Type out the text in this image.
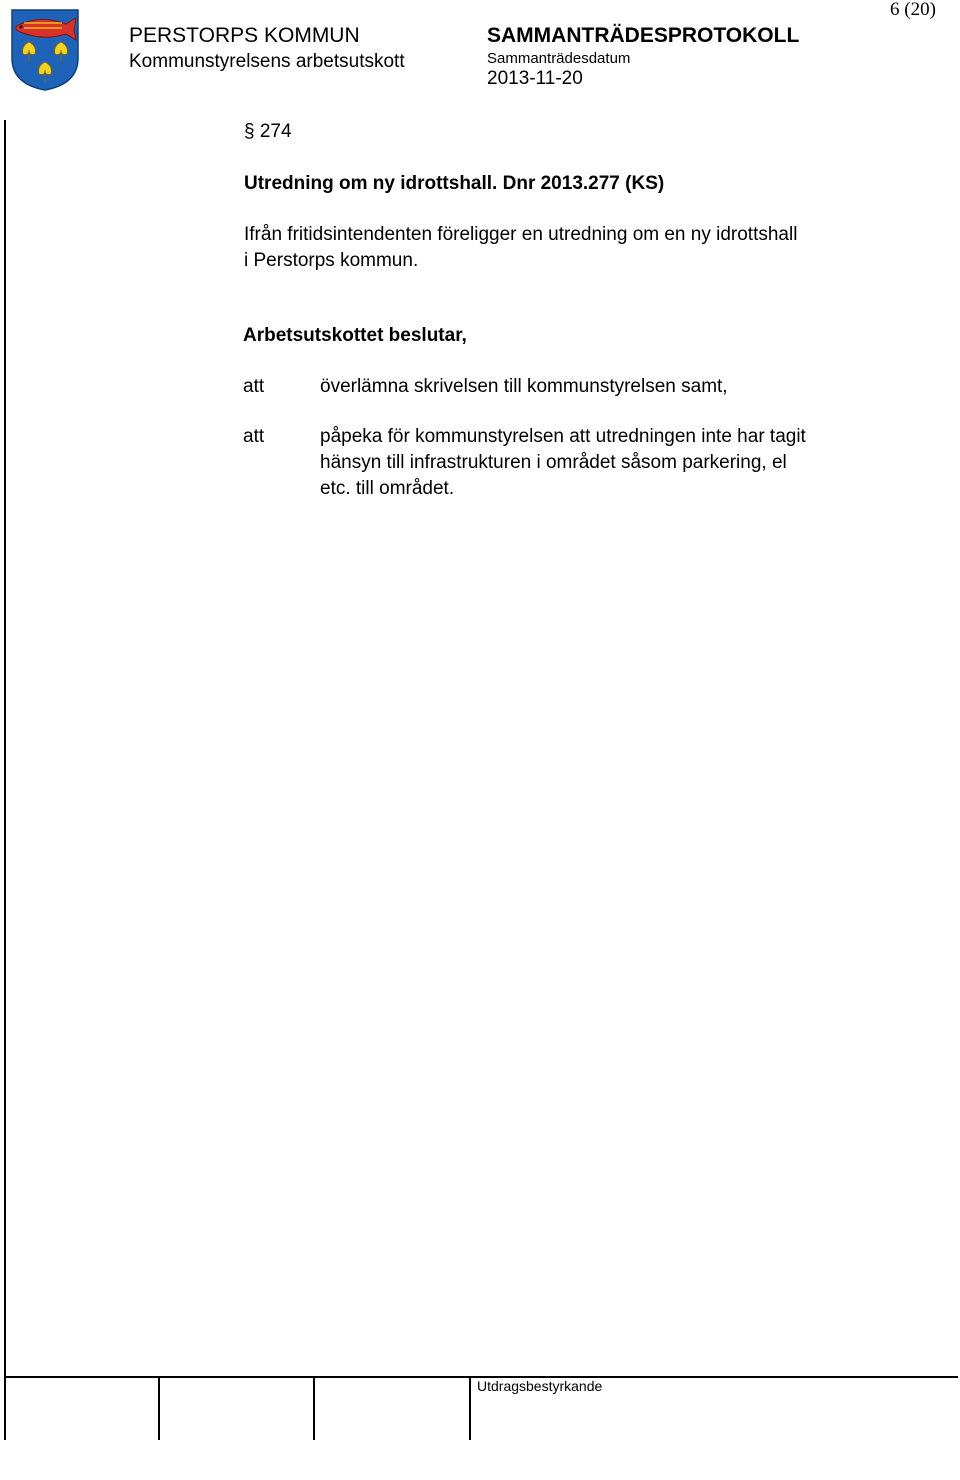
PERSTORPS KOMMUN
Kommunstyrelsens arbetsutskott
SAMMANTRÄDESPROTOKOLL
Sammanträdesdatum
2013-11-20
6 (20)
§ 274
Utredning om ny idrottshall. Dnr 2013.277 (KS)
Ifrån fritidsintendenten föreligger en utredning om en ny idrottshall
i Perstorps kommun.
Arbetsutskottet beslutar,
att	överlämna skrivelsen till kommunstyrelsen samt,
att	påpeka för kommunstyrelsen att utredningen inte har tagit
hänsyn till infrastrukturen i området såsom parkering, el
etc. till området.
Utdragsbestyrkande
